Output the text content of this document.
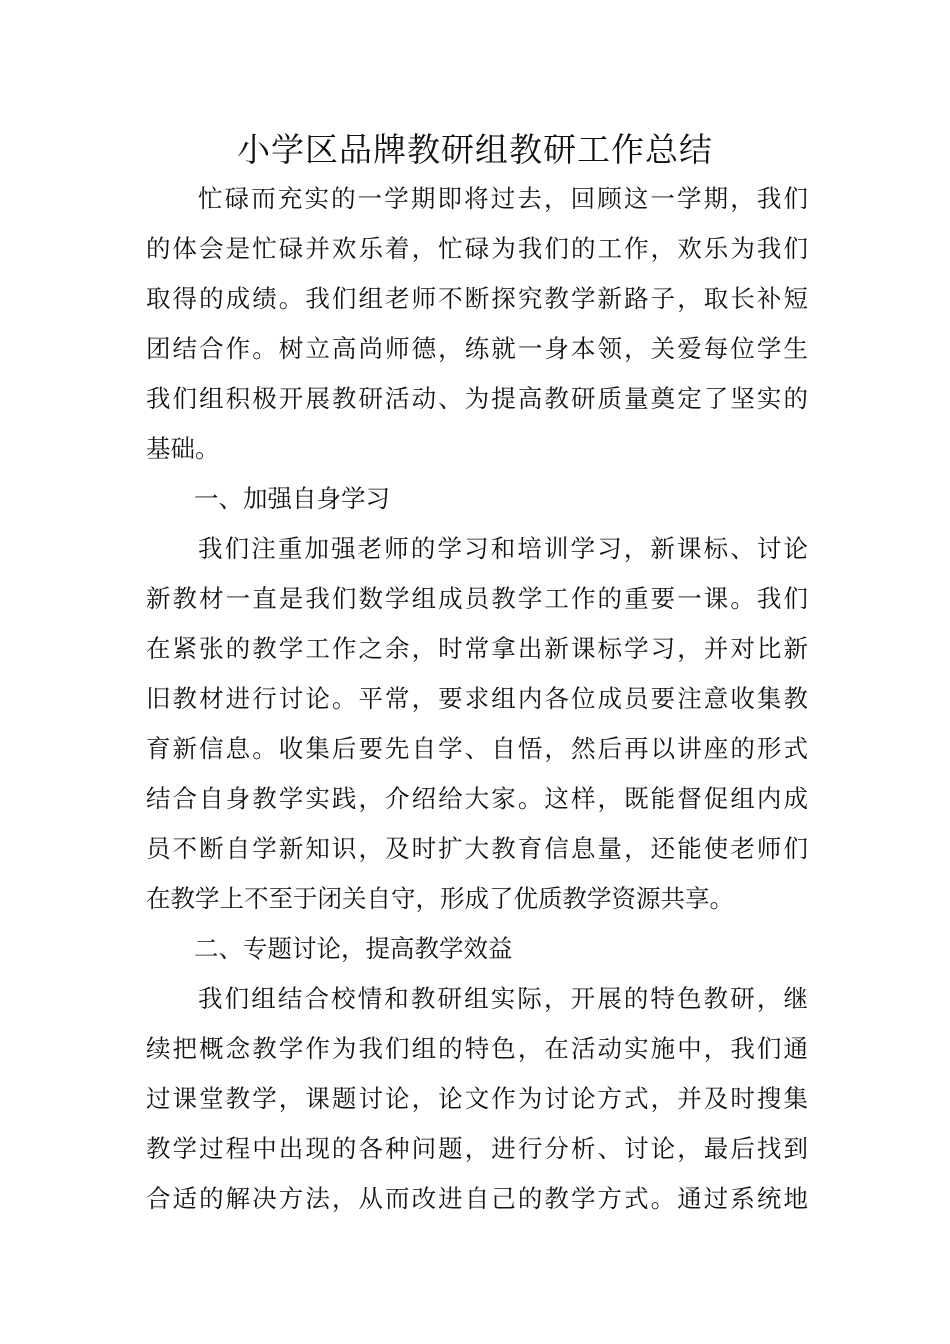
小学区品牌教研组教研工作总结
忙碌而充实的一学期即将过去，回顾这一学期，我们
的体会是忙碌并欢乐着，忙碌为我们的工作，欢乐为我们
取得的成绩。我们组老师不断探究教学新路子，取长补短
团结合作。树立高尚师德，练就一身本领，关爱每位学生
我们组积极开展教研活动、为提高教研质量奠定了坚实的
基础。
一、加强自身学习
我们注重加强老师的学习和培训学习，新课标、讨论
新教材一直是我们数学组成员教学工作的重要一课。我们
在紧张的教学工作之余，时常拿出新课标学习，并对比新
旧教材进行讨论。平常，要求组内各位成员要注意收集教
育新信息。收集后要先自学、自悟，然后再以讲座的形式
结合自身教学实践，介绍给大家。这样，既能督促组内成
员不断自学新知识，及时扩大教育信息量，还能使老师们
在教学上不至于闭关自守，形成了优质教学资源共享。
二、专题讨论，提高教学效益
我们组结合校情和教研组实际，开展的特色教研，继
续把概念教学作为我们组的特色，在活动实施中，我们通
过课堂教学，课题讨论，论文作为讨论方式，并及时搜集
教学过程中出现的各种问题，进行分析、讨论，最后找到
合适的解决方法，从而改进自己的教学方式。通过系统地
